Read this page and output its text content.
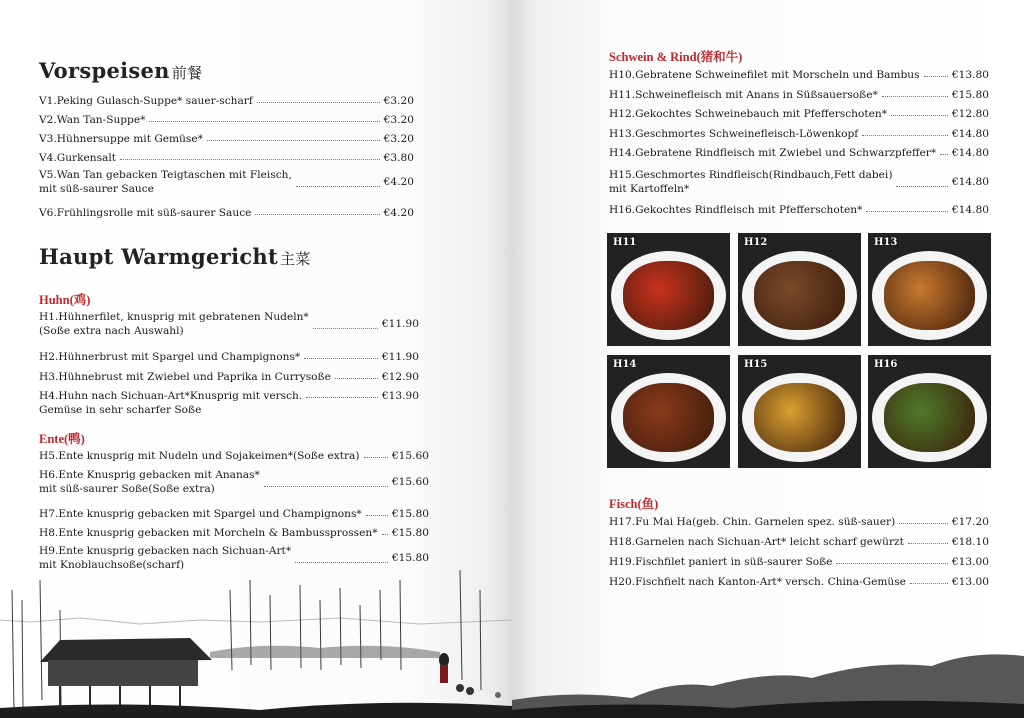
Vorspeisen 前餐
V1.Peking Gulasch-Suppe* sauer-scharf	€3.20
V2.Wan Tan-Suppe*	€3.20
V3.Hühnersuppe mit Gemüse*	€3.20
V4.Gurkensalt	€3.80
V5.Wan Tan gebacken Teigtaschen mit Fleisch,
mit süß-saurer Sauce
€4.20
V6.Frühlingsrolle mit süß-saurer Sauce	€4.20
Haupt Warmgericht 主菜
Huhn(鸡)
H1.Hühnerfilet, knusprig mit gebratenen Nudeln*
(Soße extra nach Auswahl)
€11.90
H2.Hühnerbrust mit Spargel und Champignons*	€11.90
H3.Hühnebrust mit Zwiebel und Paprika in Currysoße	€12.90
H4.Huhn nach Sichuan-Art*Knusprig mit versch.
Gemüse in sehr scharfer Soße
€13.90
Ente(鸭)
H5.Ente knusprig mit Nudeln und Sojakeimen*(Soße extra)	€15.60
H6.Ente Knusprig gebacken mit Ananas*
mit süß-saurer Soße(Soße extra)
€15.60
H7.Ente knusprig gebacken mit Spargel und Champignons*	€15.80
H8.Ente knusprig gebacken mit Morcheln & Bambussprossen* €15.80
H9.Ente knusprig gebacken nach Sichuan-Art*
mit Knoblauchsoße(scharf)
€15.80
Schwein & Rind(猪和牛)
H10.Gebratene Schweinefilet mit Morscheln und Bambus	€13.80
H11.Schweinefleisch mit Anans in Süßsauersoße*	€15.80
H12.Gekochtes Schweinebauch mit Pfefferschoten*	€12.80
H13.Geschmortes Schweinefleisch-Löwenkopf	€14.80
H14.Gebratene Rindfleisch mit Zwiebel und Schwarzpfeffer* €14.80
H15.Geschmortes Rindfleisch(Rindbauch,Fett dabei)
mit Kartoffeln*
€14.80
H16.Gekochtes Rindfleisch mit Pfefferschoten*	€14.80
H11	H12	H13
H14	H15	H16
Fisch(鱼)
H17.Fu Mai Ha(geb. Chin. Garnelen spez. süß-sauer)	€17.20
H18.Garnelen nach Sichuan-Art* leicht scharf gewürzt	€18.10
H19.Fischfilet paniert in süß-saurer Soße	€13.00
H20.Fischfielt nach Kanton-Art* versch. China-Gemüse	€13.00
